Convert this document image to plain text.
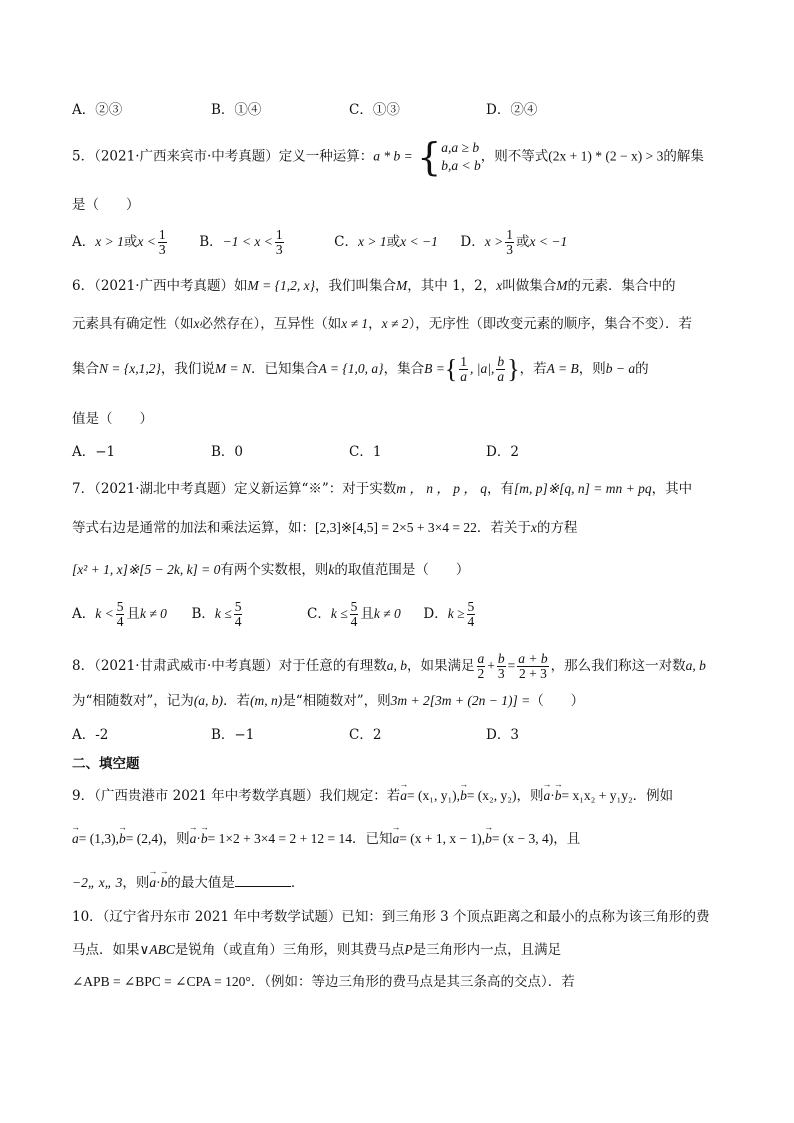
A．②③	B．①④	C．①③	D．②④
5．（2021·广西来宾市·中考真题）定义一种运算：a * b = { a,a ≥ b
b,a < b
，则不等式(2x + 1) * (2 − x) > 3的解集
是（　　）
A．x > 1或$x < \frac{1}{3}$ B．$-1 < x < \frac{1}{3}$	C．x > 1或x < −1 D．$x > \frac{1}{3}$ 或x < −1
6．（2021·广西中考真题）如M = {1,2, x}，我们叫集合M，其中 1，2，x叫做集合M的元素．集合中的
元素具有确定性（如x必然存在），互异性（如x ≠ 1，x ≠ 2），无序性（即改变元素的顺序，集合不变）．若
集合N = {x,1,2}，我们说M = N．已知集合A = {1,0, a}，集合B ={ $\frac{1}{a}$ , |a|, $\frac{b}{a}$ }，若A = B，则b − a的
值是（　　）
A．−1	B．0	C．1	D．2
7．（2021·湖北中考真题）定义新运算“※”：对于实数m ， n ， p ， q，有[m, p]※[q, n] = mn + pq，其中
等式右边是通常的加法和乘法运算，如：[2,3]※[4,5] = 2×5 + 3×4 = 22．若关于x的方程
[x² + 1, x]※[5 − 2k, k] = 0有两个实数根，则k的取值范围是（　　）
A．$k < \frac{5}{4}$ 且k ≠ 0 B．$k \le \frac{5}{4}$	C．$k \le \frac{5}{4}$ 且k ≠ 0 D．$k \ge \frac{5}{4}$
8．（2021·甘肃武威市·中考真题）对于任意的有理数a, b，如果满足 $\frac{a}{2} + \frac{b}{3} = \frac{a + b}{2 + 3}$ ，那么我们称这一对数a, b
为“相随数对”，记为(a, b)．若(m, n)是“相随数对”，则3m + 2[3m + (2n − 1)] =（　　）
A．-2	B．−1	C．2	D．3
二、填空题
9．（广西贵港市 2021 年中考数学真题）我们规定：若→ a= (x₁, y₁),→ b= (x₂, y₂)，则→ a·→ b= x₁x₂ + y₁y₂．例如
→ a= (1,3),→ b= (2,4)，则→ a·→ b= 1×2 + 3×4 = 2 + 12 = 14．已知→ a= (x + 1, x − 1),→ b= (x − 3, 4)，且
−2„ x„ 3，则→ a·→ b的最大值是	．
10．（辽宁省丹东市 2021 年中考数学试题）已知：到三角形 3 个顶点距离之和最小的点称为该三角形的费
马点．如果∨ABC是锐角（或直角）三角形，则其费马点P是三角形内一点，且满足
∠APB = ∠BPC = ∠CPA = 120°．（例如：等边三角形的费马点是其三条高的交点）．若
